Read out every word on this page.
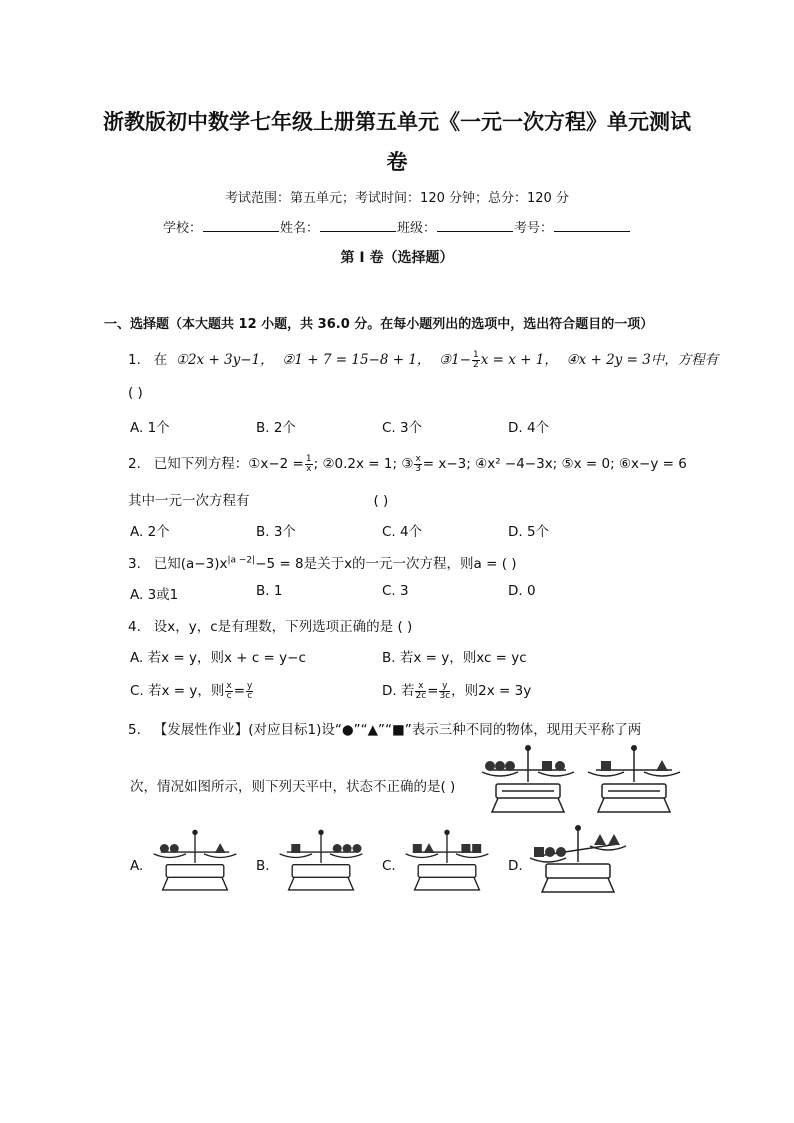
浙教版初中数学七年级上册第五单元《一元一次方程》单元测试
卷
考试范围：第五单元；考试时间：120 分钟；总分：120 分
学校：	姓名：	班级：	考号：
第 I 卷（选择题）
一、选择题（本大题共 12 小题，共 36.0 分。在每小题列出的选项中，选出符合题目的一项）
1. 在 ①2x + 3y−1， ②1 + 7 = 15−8 + 1， ③1− $\frac{1}{2}$ x = x + 1， ④x + 2y = 3中，方程有
( )
A. 1个	B. 2个	C. 3个	D. 4个
2. 已知下列方程：①x−2 = $\frac{1}{x}$ ; ②0.2x = 1; ③ $\frac{x}{3} = x-3$; ④x² −4−3x; ⑤x = 0; ⑥x−y = 6
其中一元一次方程有	( )
A. 2个	B. 3个	C. 4个	D. 5个
3. 已知$(a-3)x^{|a -2|}-5 = 8$是关于x的一元一次方程，则a = ( )
A. 3或1	B. 1	C. 3	D. 0
4. 设x，y，c是有理数，下列选项正确的是 ( )
A. 若x = y，则x + c = y−c	B. 若x = y，则xc = yc
C. 若x = y，则 $\frac{x}{c} = \frac{y}{c}$	D. 若 $\frac{x}{2c} = \frac{y}{3c}$ ，则2x = 3y
5. 【发展性作业】(对应目标1)设“●”“▲”“■”表示三种不同的物体，现用天平称了两
次，情况如图所示，则下列天平中，状态不正确的是( )
A.	B.	C.	D.
